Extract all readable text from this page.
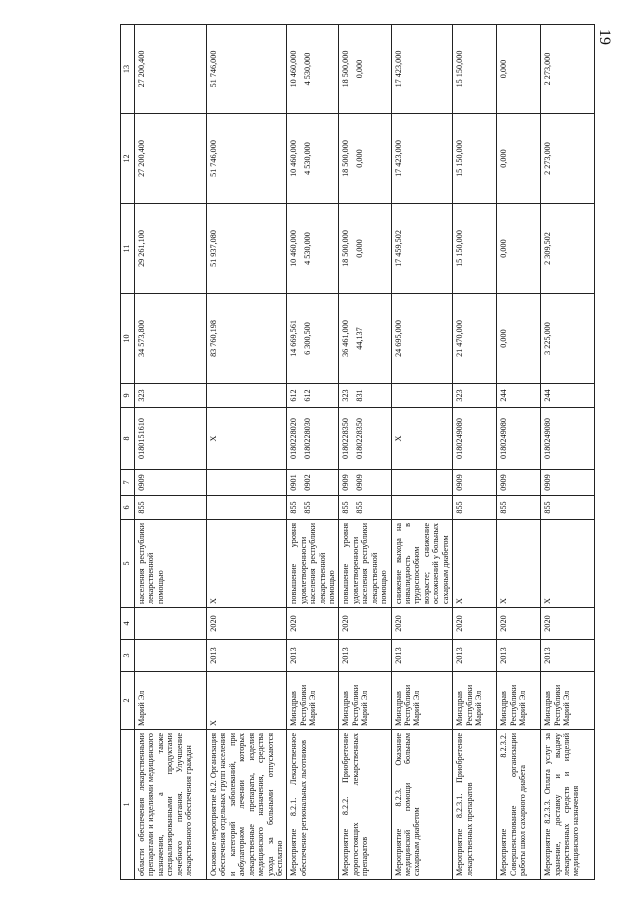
19
1	2	3	4	5	6	7	8	9	10	11	12	13

области обеспечения лекарственными препаратами и изделиями медицинского назначения, а также специализированными продуктами лечебного питания. Улучшение лекарственного обеспечения граждан	Марий Эл			населения республики лекарственной помощью	855	0909	0180151610	323	34 573,800	29 261,100	27 200,400	27 200,400

Основное мероприятие 8.2. Организация обеспечения отдельных групп населения и категорий заболеваний, при амбулаторном лечении которых лекарственные препараты, изделия медицинского назначения, средства ухода за больными отпускаются бесплатно	Х	2013	2020	Х			Х		83 760,198	51 937,080	51 746,000	51 746,000

Мероприятие 8.2.1. Лекарственное обеспечение региональных льготников	Минздрав Республики Марий Эл	2013	2020	повышение уровня удовлетворенности населения республики лекарственной помощью	855 855	0901 0902	0180228020 0180228030	612 612	14 669,561 6 300,500	10 460,000 4 530,000	10 460,000 4 530,000	10 460,000 4 530,000

Мероприятие 8.2.2. Приобретение дорогостоящих лекарственных препаратов	Минздрав Республики Марий Эл	2013	2020	повышение уровня удовлетворенности населения республики лекарственной помощью	855 855	0909 0909	0180228350 0180228350	323 831	36 461,000 44,137	18 500,000 0,000	18 500,000 0,000	18 500,000 0,000

Мероприятие 8.2.3. Оказание медицинской помощи больным сахарным диабетом	Минздрав Республики Марий Эл	2013	2020	снижение выхода на инвалидность в трудоспособном возрасте; снижение осложнений у больных сахарным диабетом			Х		24 695,000	17 459,502	17 423,000	17 423,000

Мероприятие 8.2.3.1. Приобретение лекарственных препаратов	Минздрав Республики Марий Эл	2013	2020	Х	855	0909	0180249080	323	21 470,000	15 150,000	15 150,000	15 150,000

Мероприятие 8.2.3.2. Совершенствование организации работы школ сахарного диабета	Минздрав Республики Марий Эл	2013	2020	Х	855	0909	0180249080	244	0,000	0,000	0,000	0,000

Мероприятие 8.2.3.3. Оплата услуг за хранение, доставку и выдачу лекарственных средств и изделий медицинского назначения	Минздрав Республики Марий Эл	2013	2020	Х	855	0909	0180249080	244	3 225,000	2 309,502	2 273,000	2 273,000
